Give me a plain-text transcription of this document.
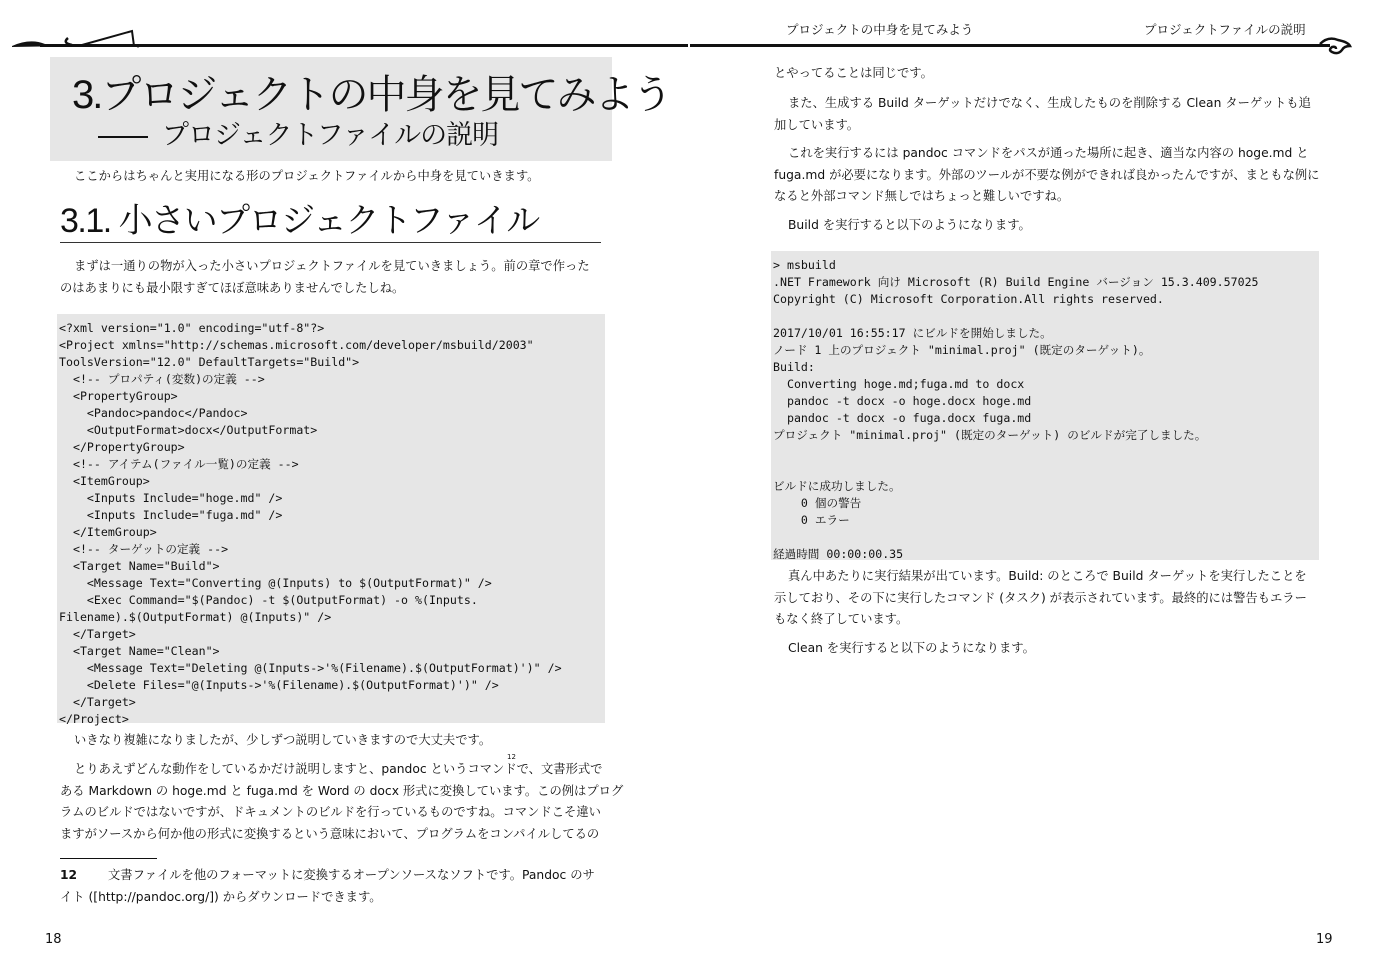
プロジェクトの中身を見てみよう	プロジェクトファイルの説明
3.プロジェクトの中身を見てみよう
プロジェクトファイルの説明
ここからはちゃんと実用になる形のプロジェクトファイルから中身を見ていきます。
3.1. 小さいプロジェクトファイル
まずは一通りの物が入った小さいプロジェクトファイルを見ていきましょう。前の章で作った
のはあまりにも最小限すぎてほぼ意味ありませんでしたしね。
<?xml version="1.0" encoding="utf-8"?>
<Project xmlns="http://schemas.microsoft.com/developer/msbuild/2003"
ToolsVersion="12.0" DefaultTargets="Build">
<!-- プロパティ(変数)の定義 -->
<PropertyGroup>
<Pandoc>pandoc</Pandoc>
<OutputFormat>docx</OutputFormat>
</PropertyGroup>
<!-- アイテム(ファイル一覧)の定義 -->
<ItemGroup>
<Inputs Include="hoge.md" />
<Inputs Include="fuga.md" />
</ItemGroup>
<!-- ターゲットの定義 -->
<Target Name="Build">
<Message Text="Converting @(Inputs) to $(OutputFormat)" />
<Exec Command="$(Pandoc) -t $(OutputFormat) -o %(Inputs.
Filename).$(OutputFormat) @(Inputs)" />
</Target>
<Target Name="Clean">
<Message Text="Deleting @(Inputs->'%(Filename).$(OutputFormat)')" />
<Delete Files="@(Inputs->'%(Filename).$(OutputFormat)')" />
</Target>
</Project>
いきなり複雑になりましたが、少しずつ説明していきますので大丈夫です。
とりあえずどんな動作をしているかだけ説明しますと、pandoc というコマンドで、文書形式で
ある Markdown の hoge.md と fuga.md を Word の docx 形式に変換しています。この例はプログ
ラムのビルドではないですが、ドキュメントのビルドを行っているものですね。コマンドこそ違い
ますがソースから何か他の形式に変換するという意味において、プログラムをコンパイルしてるの
12
12	文書ファイルを他のフォーマットに変換するオープンソースなソフトです。Pandoc のサ
イト ([http://pandoc.org/]) からダウンロードできます。
18
とやってることは同じです。
また、生成する Build ターゲットだけでなく、生成したものを削除する Clean ターゲットも追
加しています。
これを実行するには pandoc コマンドをパスが通った場所に起き、適当な内容の hoge.md と
fuga.md が必要になります。外部のツールが不要な例ができれば良かったんですが、まともな例に
なると外部コマンド無しではちょっと難しいですね。
Build を実行すると以下のようになります。
> msbuild
.NET Framework 向け Microsoft (R) Build Engine バージョン 15.3.409.57025
Copyright (C) Microsoft Corporation.All rights reserved.
2017/10/01 16:55:17 にビルドを開始しました。
ノード 1 上のプロジェクト "minimal.proj" (既定のターゲット)。
Build:
Converting hoge.md;fuga.md to docx
pandoc -t docx -o hoge.docx hoge.md
pandoc -t docx -o fuga.docx fuga.md
プロジェクト "minimal.proj" (既定のターゲット) のビルドが完了しました。
ビルドに成功しました。
0 個の警告
0 エラー
経過時間 00:00:00.35
真ん中あたりに実行結果が出ています。Build: のところで Build ターゲットを実行したことを
示しており、その下に実行したコマンド (タスク) が表示されています。最終的には警告もエラー
もなく終了しています。
Clean を実行すると以下のようになります。
19
